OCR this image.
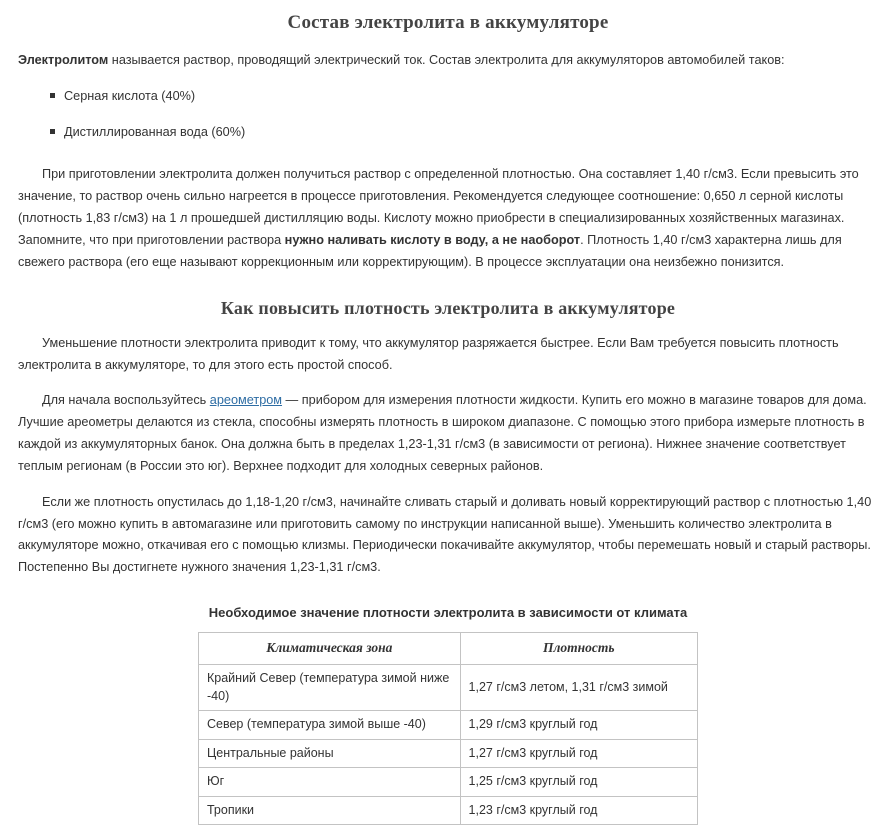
Состав электролита в аккумуляторе

Электролитом называется раствор, проводящий электрический ток. Состав электролита для аккумуляторов автомобилей таков:

Серная кислота (40%)
Дистиллированная вода (60%)

При приготовлении электролита должен получиться раствор с определенной плотностью. Она составляет 1,40 г/см3. Если превысить это значение, то раствор очень сильно нагреется в процессе приготовления. Рекомендуется следующее соотношение: 0,650 л серной кислоты (плотность 1,83 г/см3) на 1 л прошедшей дистилляцию воды. Кислоту можно приобрести в специализированных хозяйственных магазинах. Запомните, что при приготовлении раствора нужно наливать кислоту в воду, а не наоборот. Плотность 1,40 г/см3 характерна лишь для свежего раствора (его еще называют коррекционным или корректирующим). В процессе эксплуатации она неизбежно понизится.

Как повысить плотность электролита в аккумуляторе

Уменьшение плотности электролита приводит к тому, что аккумулятор разряжается быстрее. Если Вам требуется повысить плотность электролита в аккумуляторе, то для этого есть простой способ.

Для начала воспользуйтесь ареометром — прибором для измерения плотности жидкости. Купить его можно в магазине товаров для дома. Лучшие ареометры делаются из стекла, способны измерять плотность в широком диапазоне. С помощью этого прибора измерьте плотность в каждой из аккумуляторных банок. Она должна быть в пределах 1,23-1,31 г/см3 (в зависимости от региона). Нижнее значение соответствует теплым регионам (в России это юг). Верхнее подходит для холодных северных районов.

Если же плотность опустилась до 1,18-1,20 г/см3, начинайте сливать старый и доливать новый корректирующий раствор с плотностью 1,40 г/см3 (его можно купить в автомагазине или приготовить самому по инструкции написанной выше). Уменьшить количество электролита в аккумуляторе можно, откачивая его с помощью клизмы. Периодически покачивайте аккумулятор, чтобы перемешать новый и старый растворы. Постепенно Вы достигнете нужного значения 1,23-1,31 г/см3.

Необходимое значение плотности электролита в зависимости от климата
Климатическая зона	Плотность
Крайний Север (температура зимой ниже -40)	1,27 г/см3 летом, 1,31 г/см3 зимой
Север (температура зимой выше -40)	1,29 г/см3 круглый год
Центральные районы	1,27 г/см3 круглый год
Юг	1,25 г/см3 круглый год
Тропики	1,23 г/см3 круглый год
